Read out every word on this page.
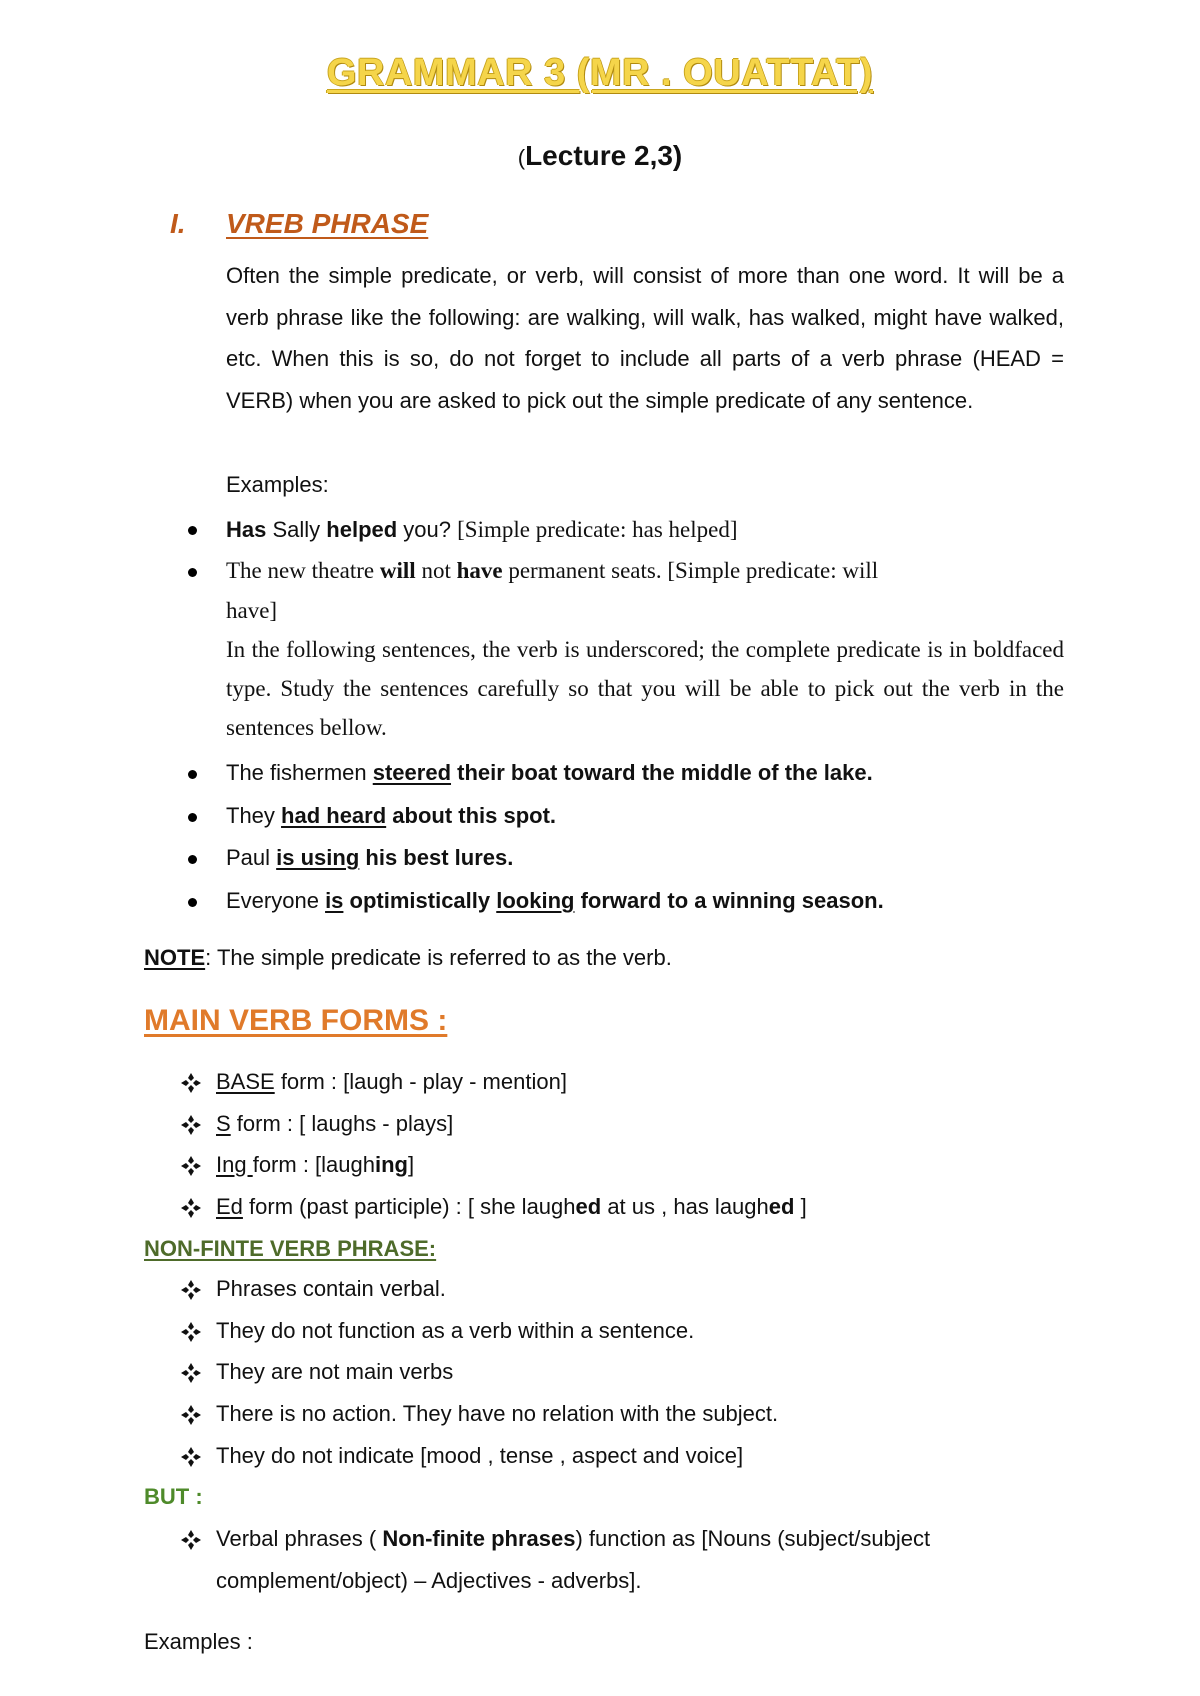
GRAMMAR 3 (MR . OUATTAT)
(Lecture 2,3)
I. VREB PHRASE
Often the simple predicate, or verb, will consist of more than one word. It will be a verb phrase like the following: are walking, will walk, has walked, might have walked, etc. When this is so, do not forget to include all parts of a verb phrase (HEAD = VERB) when you are asked to pick out the simple predicate of any sentence.
Examples:
Has Sally helped you? [Simple predicate: has helped]
The new theatre will not have permanent seats. [Simple predicate: will
have]
In the following sentences, the verb is underscored; the complete predicate is in boldfaced type. Study the sentences carefully so that you will be able to pick out the verb in the sentences bellow.
The fishermen steered their boat toward the middle of the lake.
They had heard about this spot.
Paul is using his best lures.
Everyone is optimistically looking forward to a winning season.
NOTE: The simple predicate is referred to as the verb.
MAIN VERB FORMS :
BASE form : [laugh - play - mention]
S form : [ laughs - plays]
Ing form : [laughing]
Ed form (past participle) : [ she laughed at us , has laughed ]
NON-FINTE VERB PHRASE:
Phrases contain verbal.
They do not function as a verb within a sentence.
They are not main verbs
There is no action. They have no relation with the subject.
They do not indicate [mood , tense , aspect and voice]
BUT :
Verbal phrases ( Non-finite phrases) function as [Nouns (subject/subject
complement/object) – Adjectives - adverbs].
Examples :
